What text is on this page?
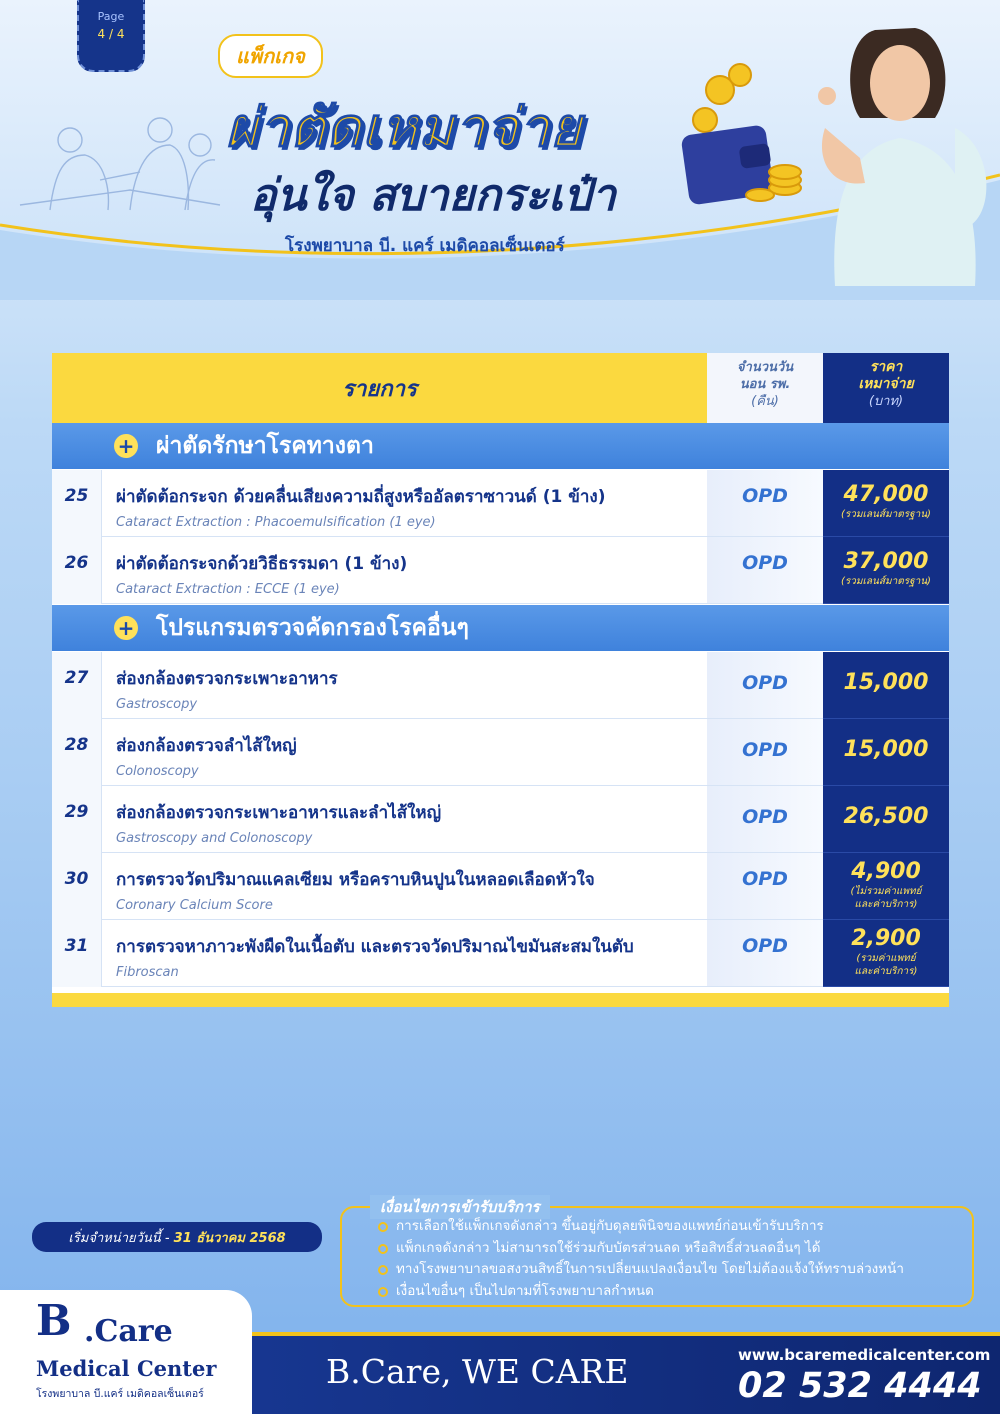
Page
4 / 4
แพ็กเกจ
ผ่าตัดเหมาจ่าย
อุ่นใจ สบายกระเป๋า
โรงพยาบาล บี. แคร์ เมดิคอลเซ็นเตอร์
รายการ
จำนวนวัน
นอน รพ.
(คืน)
ราคา
เหมาจ่าย
(บาท)
+ ผ่าตัดรักษาโรคทางตา
25	ผ่าตัดต้อกระจก ด้วยคลื่นเสียงความถี่สูงหรืออัลตราซาวนด์ (1 ข้าง)
Cataract Extraction : Phacoemulsification (1 eye)
OPD	47,000
(รวมเลนส์มาตรฐาน)
26	ผ่าตัดต้อกระจกด้วยวิธีธรรมดา (1 ข้าง)
Cataract Extraction : ECCE (1 eye)
OPD	37,000
(รวมเลนส์มาตรฐาน)
+ โปรแกรมตรวจคัดกรองโรคอื่นๆ
27	ส่องกล้องตรวจกระเพาะอาหาร
Gastroscopy
OPD	15,000
28	ส่องกล้องตรวจลำไส้ใหญ่
Colonoscopy
OPD	15,000
29	ส่องกล้องตรวจกระเพาะอาหารและลำไส้ใหญ่
Gastroscopy and Colonoscopy
OPD	26,500
30	การตรวจวัดปริมาณแคลเซียม หรือคราบหินปูนในหลอดเลือดหัวใจ
Coronary Calcium Score
OPD	4,900
(ไม่รวมค่าแพทย์
และค่าบริการ)
31	การตรวจหาภาวะพังผืดในเนื้อตับ และตรวจวัดปริมาณไขมันสะสมในตับ
Fibroscan
OPD	2,900
(รวมค่าแพทย์
และค่าบริการ)
เริ่มจำหน่ายวันนี้ -
31 ธันวาคม 2568
เงื่อนไขการเข้ารับบริการ
การเลือกใช้แพ็กเกจดังกล่าว ขึ้นอยู่กับดุลยพินิจของแพทย์ก่อนเข้ารับบริการ
แพ็กเกจดังกล่าว ไม่สามารถใช้ร่วมกับบัตรส่วนลด หรือสิทธิ์ส่วนลดอื่นๆ ได้
ทางโรงพยาบาลขอสงวนสิทธิ์ในการเปลี่ยนแปลงเงื่อนไข โดยไม่ต้องแจ้งให้ทราบล่วงหน้า
เงื่อนไขอื่นๆ เป็นไปตามที่โรงพยาบาลกำหนด
B .Care
Medical Center
โรงพยาบาล บี.แคร์ เมดิคอลเซ็นเตอร์
B.Care, WE CARE	www.bcaremedicalcenter.com
02 532 4444
